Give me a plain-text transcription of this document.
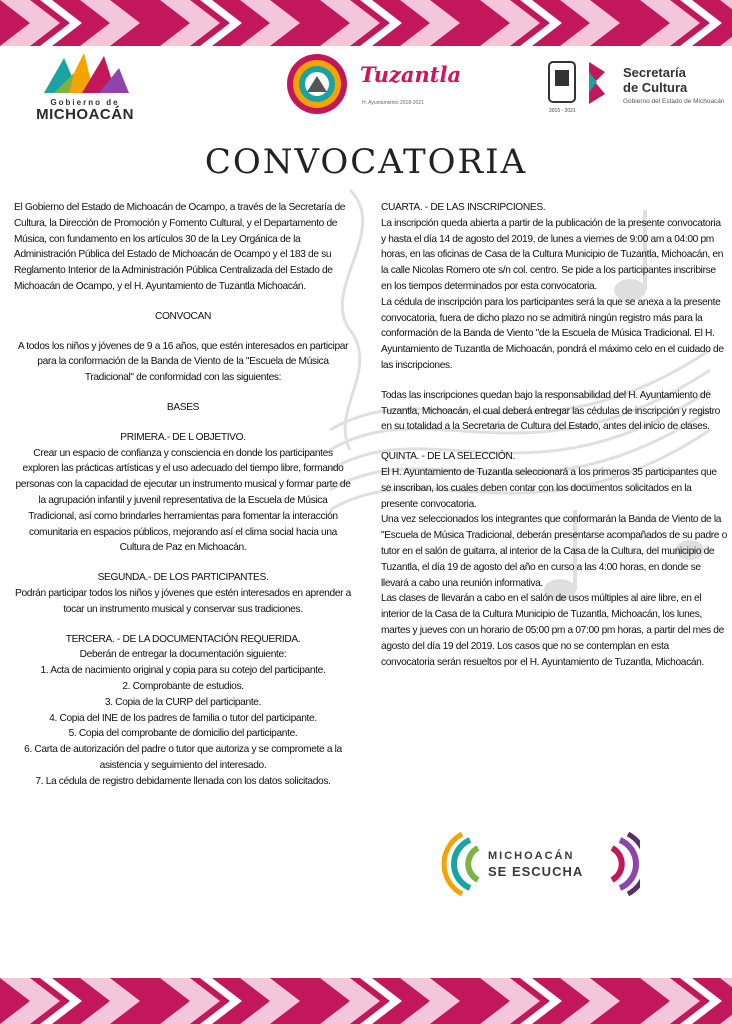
Gobierno de
MICHOACÁN
Tuzantla
H. Ayuntamiento 2018-2021
Secretaría
de Cultura
Gobierno del Estado de Michoacán
2015 - 2021
CONVOCATORIA

El Gobierno del Estado de Michoacán de Ocampo, a través de la Secretaría de Cultura, la Dirección de Promoción y Fomento Cultural, y el Departamento de Música, con fundamento en los artículos 30 de la Ley Orgánica de la Administración Pública del Estado de Michoacán de Ocampo y el 183 de su Reglamento Interior de la Administración Pública Centralizada del Estado de Michoacán de Ocampo, y el H. Ayuntamiento de Tuzantla Michoacán.

CONVOCAN

A todos los niños y jóvenes de 9 a 16 años, que estén interesados en participar para la conformación de la Banda de Viento de la "Escuela de Música Tradicional" de conformidad con las siguientes:

BASES

PRIMERA.- DE L OBJETIVO.

Crear un espacio de confianza y consciencia en donde los participantes exploren las prácticas artísticas y el uso adecuado del tiempo libre, formando personas con la capacidad de ejecutar un instrumento musical y formar parte de la agrupación infantil y juvenil representativa de la Escuela de Música Tradicional, así como brindarles herramientas para fomentar la interacción comunitaria en espacios públicos, mejorando así el clima social hacia una Cultura de Paz en Michoacán.

SEGUNDA.- DE LOS PARTICIPANTES.

Podrán participar todos los niños y jóvenes que estén interesados en aprender a tocar un instrumento musical y conservar sus tradiciones.

TERCERA. - DE LA DOCUMENTACIÓN REQUERIDA.

Deberán de entregar la documentación siguiente:

1. Acta de nacimiento original y copia para su cotejo del participante.

2. Comprobante de estudios.

3. Copia de la CURP del participante.

4. Copia del INE de los padres de familia o tutor del participante.

5. Copia del comprobante de domicilio del participante.

6. Carta de autorización del padre o tutor que autoriza y se compromete a la asistencia y seguimiento del interesado.

7. La cédula de registro debidamente llenada con los datos solicitados.

CUARTA. - DE LAS INSCRIPCIONES.

La inscripción queda abierta a partir de la publicación de la presente convocatoria y hasta el día 14 de agosto del 2019, de lunes a viernes de 9:00 am a 04:00 pm horas, en las oficinas de Casa de la Cultura Municipio de Tuzantla, Michoacán, en la calle Nicolas Romero ote s/n col. centro. Se pide a los participantes inscribirse en los tiempos determinados por esta convocatoria.

La cédula de inscripción para los participantes será la que se anexa a la presente convocatoria, fuera de dicho plazo no se admitirá ningún registro más para la conformación de la Banda de Viento "de la Escuela de Música Tradicional. El H. Ayuntamiento de Tuzantla de Michoacán, pondrá el máximo celo en el cuidado de las inscripciones.

Todas las inscripciones quedan bajo la responsabilidad del H. Ayuntamiento de Tuzantla, Michoacán, el cual deberá entregar las cédulas de inscripción y registro en su totalidad a la Secretaria de Cultura del Estado, antes del inicio de clases.

QUINTA. - DE LA SELECCIÓN.

El H. Ayuntamiento de Tuzantla seleccionará a los primeros 35 participantes que se inscriban, los cuales deben contar con los documentos solicitados en la presente convocatoria.

Una vez seleccionados los integrantes que conformarán la Banda de Viento de la "Escuela de Música Tradicional, deberán presentarse acompañados de su padre o tutor en el salón de guitarra, al interior de la Casa de la Cultura, del municipio de Tuzantla, el día 19 de agosto del año en curso a las 4:00 horas, en donde se llevará a cabo una reunión informativa.

Las clases de llevarán a cabo en el salón de usos múltiples al aire libre, en el interior de la Casa de la Cultura Municipio de Tuzantla, Michoacán, los lunes, martes y jueves con un horario de 05:00 pm a 07:00 pm horas, a partir del mes de agosto del día 19 del 2019. Los casos que no se contemplan en esta

convocatoria serán resueltos por el H. Ayuntamiento de Tuzantla, Michoacán.

MICHOACÁN
SE ESCUCHA
